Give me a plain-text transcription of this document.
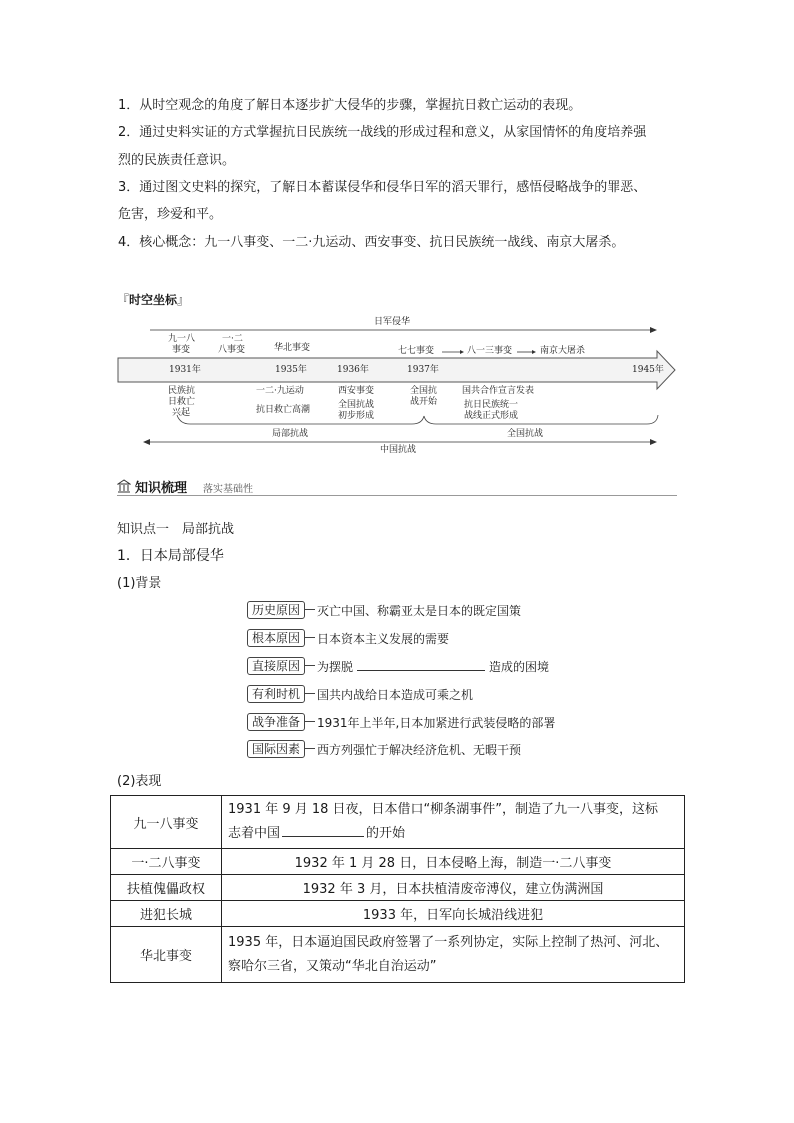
1．从时空观念的角度了解日本逐步扩大侵华的步骤，掌握抗日救亡运动的表现。
2．通过史料实证的方式掌握抗日民族统一战线的形成过程和意义，从家国情怀的角度培养强
烈的民族责任意识。
3．通过图文史料的探究，了解日本蓄谋侵华和侵华日军的滔天罪行，感悟侵略战争的罪恶、
危害，珍爱和平。
4．核心概念：九一八事变、一二·九运动、西安事变、抗日民族统一战线、南京大屠杀。
『时空坐标』
日军侵华
九一八
事变
一·二
八事变	华北事变	七七事变	八一三事变	南京大屠杀
1931年	1935年	1936年	1937年	1945年
民族抗
日救亡
兴起
一二·九运动
抗日救亡高潮
西安事变
全国抗战
初步形成
全国抗
战开始
国共合作宣言发表
抗日民族统一
战线正式形成
局部抗战	全国抗战
中国抗战
知识梳理 落实基础性
知识点一　局部抗战
1．日本局部侵华
(1)背景
历史原因	灭亡中国、称霸亚太是日本的既定国策
根本原因	日本资本主义发展的需要
直接原因	为摆脱	造成的困境
有利时机	国共内战给日本造成可乘之机
战争准备	1931年上半年,日本加紧进行武装侵略的部署
国际因素	西方列强忙于解决经济危机、无暇干预
(2)表现
九一八事变	1931 年 9 月 18 日夜，日本借口“柳条湖事件”，制造了九一八事变，这标
志着中国 的开始

一·二八事变	1932 年 1 月 28 日，日本侵略上海，制造一·二八事变
扶植傀儡政权	1932 年 3 月，日本扶植清废帝溥仪，建立伪满洲国
进犯长城	1933 年，日军向长城沿线进犯
华北事变	1935 年，日本逼迫国民政府签署了一系列协定，实际上控制了热河、河北、
察哈尔三省，又策动“华北自治运动”
